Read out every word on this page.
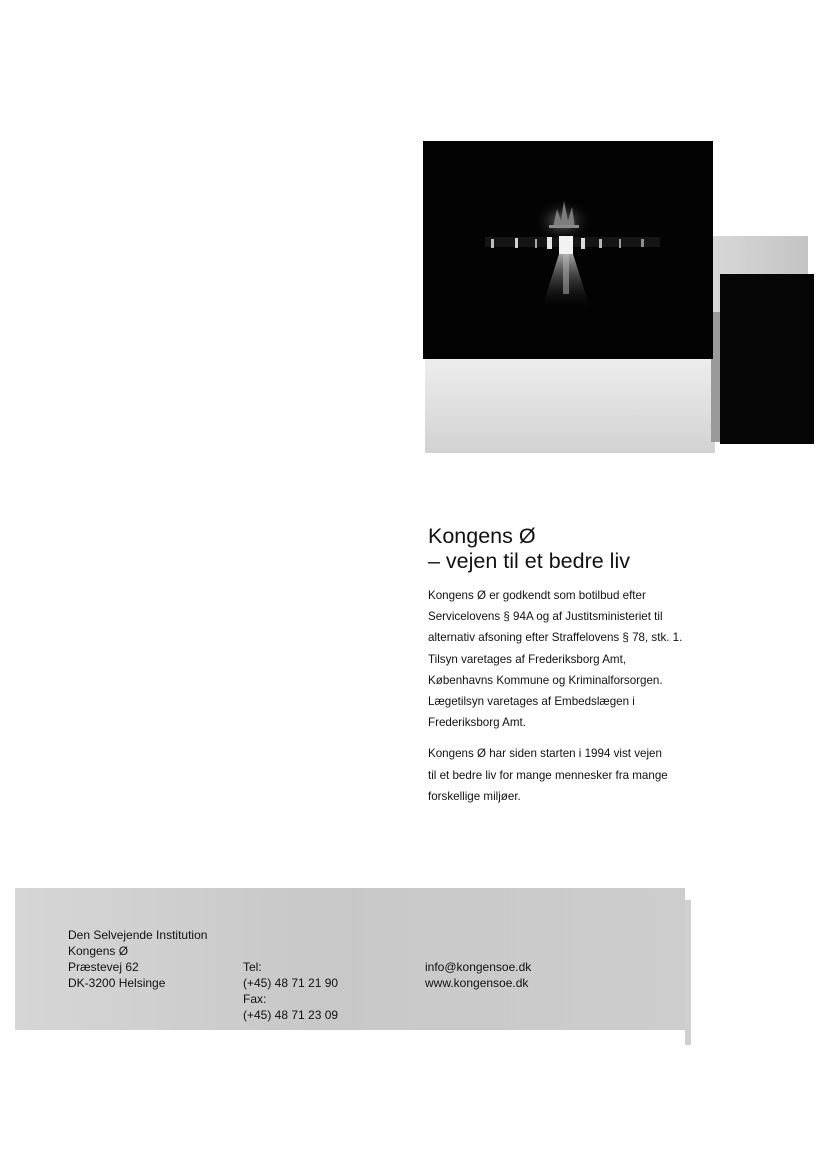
Kongens Ø
– vejen til et bedre liv

Kongens Ø er godkendt som botilbud efter
Servicelovens § 94A og af Justitsministeriet til
alternativ afsoning efter Straffelovens § 78, stk. 1.
Tilsyn varetages af Frederiksborg Amt,
Københavns Kommune og Kriminalforsorgen.
Lægetilsyn varetages af Embedslægen i
Frederiksborg Amt.

Kongens Ø har siden starten i 1994 vist vejen
til et bedre liv for mange mennesker fra mange
forskellige miljøer.

Den Selvejende Institution
Kongens Ø
Præstevej 62
DK-3200 Helsinge
Tel:
(+45) 48 71 21 90
Fax:
(+45) 48 71 23 09
info@kongensoe.dk
www.kongensoe.dk
